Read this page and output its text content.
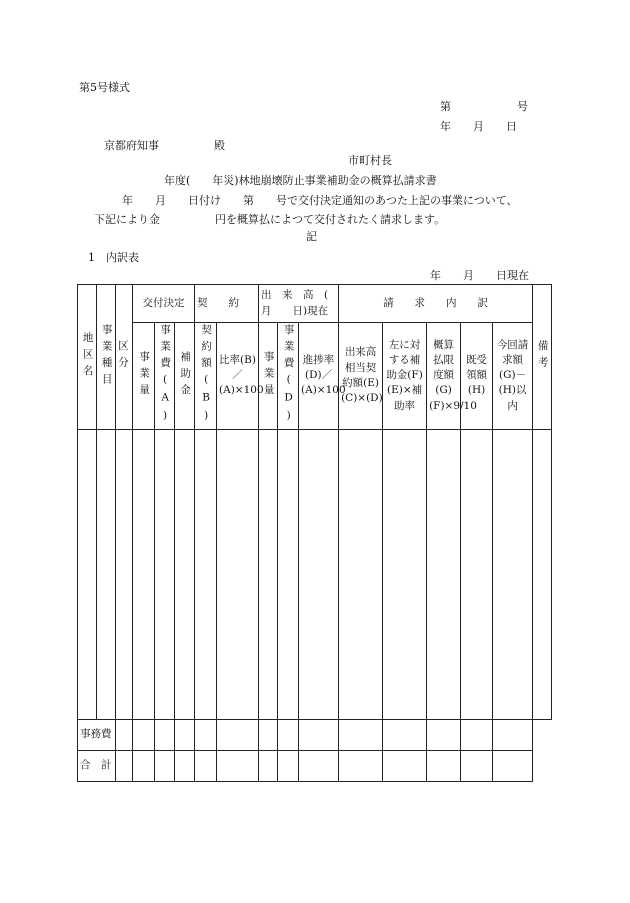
第5号様式
第　　　　　　号
年　　月　　日
京都府知事　　　　　殿
市町村長
年度(　　年災)林地崩壊防止事業補助金の概算払請求書
年　　月　　日付け　　第　　号で交付決定通知のあつた上記の事業について、
下記により金　　　　　円を概算払によつて交付されたく請求します。
記
1　内訳表
年　　月　　日現在
地区名	事業種目	区分	交付決定			契　　約		出　来　高　(　月　　日)現在			請　　求　　内　　訳					備考
			事業量	事業費(A)	補助金	契約額(B)	比率(B)／(A)×100	事業量	事業費(D)	進捗率(D)／(A)×100	出来高相当契約額(E)(C)×(D)	左に対する補助金(F)(E)×補助率	概算払限度額(G)(F)×9/10	既受領額(H)	今回請求額(G)－(H)以内	

事務費																
合　計																
